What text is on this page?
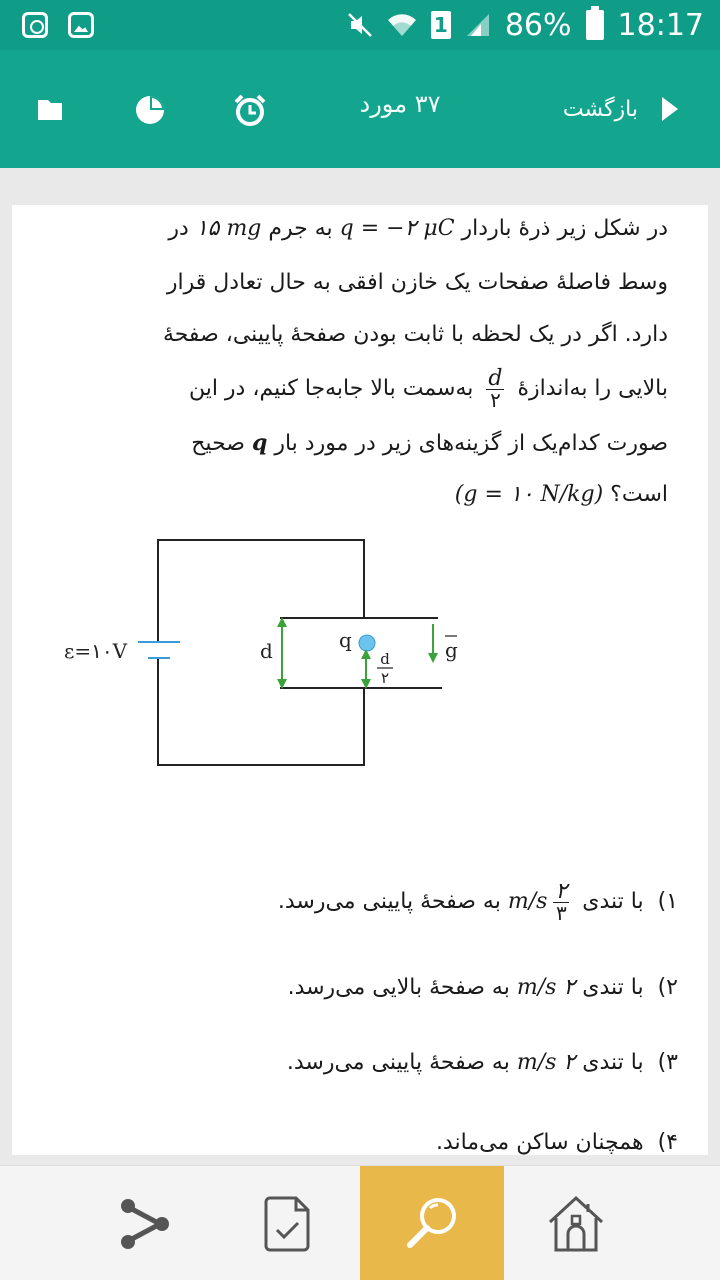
1 86% 18:17
۳۷ مورد	بازگشت
در شکل زیر ذرهٔ باردار q = −۲ μC به جرم ۱۵ mg در
وسط فاصلهٔ صفحات یک خازن افقی به حال تعادل قرار
دارد. اگر در یک لحظه با ثابت بودن صفحهٔ پایینی، صفحهٔ
بالایی را به‌اندازهٔ
$\frac{d}{۲}$
به‌سمت بالا جابه‌جا کنیم، در این
صورت کدام‌یک از گزینه‌های زیر در مورد بار q صحیح
است؟ (g = ۱۰ N/kg)
ε=۱۰V	d	q
d
۲
g
۱)با تندی
$\frac{۲}{۳}$
m/s به صفحهٔ پایینی می‌رسد.
۲)با تندی ۲ m/s به صفحهٔ بالایی می‌رسد.
۳)با تندی ۲ m/s به صفحهٔ پایینی می‌رسد.
۴)همچنان ساکن می‌ماند.
